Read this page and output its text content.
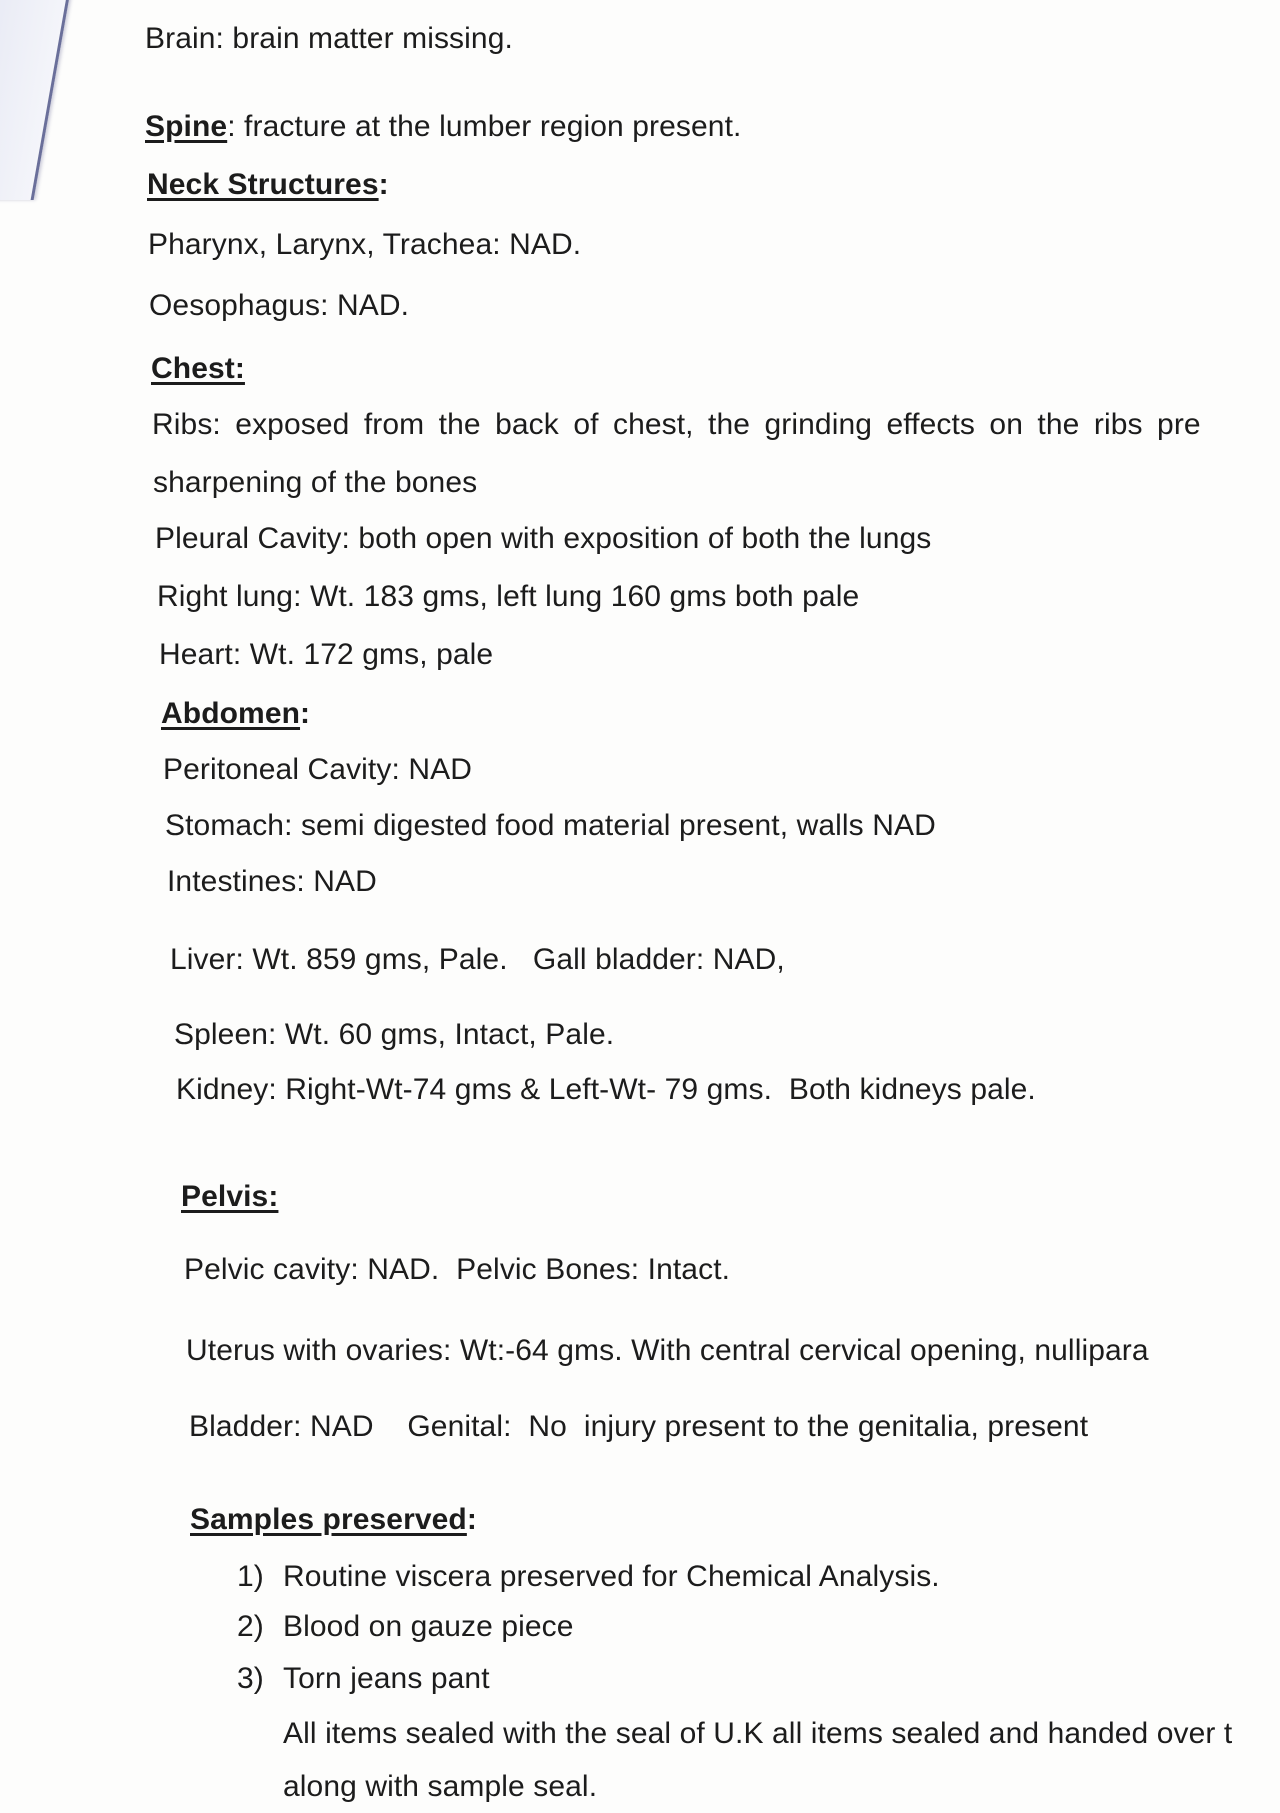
Brain: brain matter missing.
Spine: fracture at the lumber region present.
Neck Structures:
Pharynx, Larynx, Trachea: NAD.
Oesophagus: NAD.
Chest:
Ribs: exposed from the back of chest, the grinding effects on the ribs pre
sharpening of the bones
Pleural Cavity: both open with exposition of both the lungs
Right lung: Wt. 183 gms, left lung 160 gms both pale
Heart: Wt. 172 gms, pale
Abdomen:
Peritoneal Cavity: NAD
Stomach: semi digested food material present, walls NAD
Intestines: NAD
Liver: Wt. 859 gms, Pale.   Gall bladder: NAD,
Spleen: Wt. 60 gms, Intact, Pale.
Kidney: Right-Wt-74 gms & Left-Wt- 79 gms.  Both kidneys pale.
Pelvis:
Pelvic cavity: NAD.  Pelvic Bones: Intact.
Uterus with ovaries: Wt:-64 gms. With central cervical opening, nullipara
Bladder: NAD    Genital:  No  injury present to the genitalia, present
Samples preserved:
1) Routine viscera preserved for Chemical Analysis.
2) Blood on gauze piece
3) Torn jeans pant
All items sealed with the seal of U.K all items sealed and handed over t
along with sample seal.
